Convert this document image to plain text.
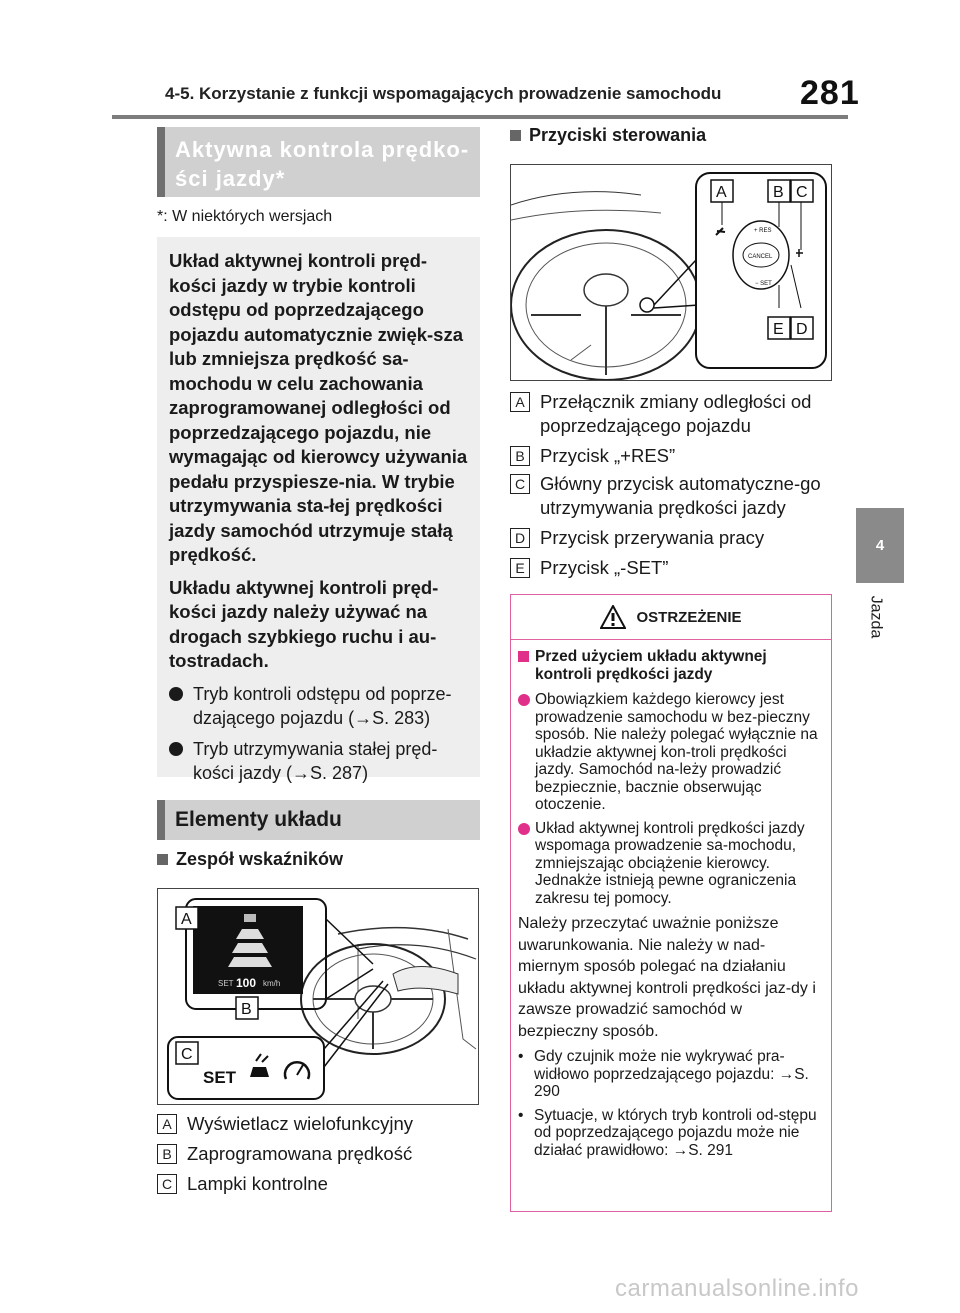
4-5. Korzystanie z funkcji wspomagających prowadzenie samochodu 281
4
Jazda
Aktywna kontrola prędko-
ści jazdy*
*: W niektórych wersjach

Układ aktywnej kontroli pręd-kości jazdy w trybie kontroli odstępu od poprzedzającego pojazdu automatycznie zwięk-sza lub zmniejsza prędkość sa-mochodu w celu zachowania zaprogramowanej odległości od poprzedzającego pojazdu, nie wymagając od kierowcy używania pedału przyspiesze-nia. W trybie utrzymywania sta-łej prędkości jazdy samochód utrzymuje stałą prędkość.

Układu aktywnej kontroli pręd-kości jazdy należy używać na drogach szybkiego ruchu i au-tostradach.

Tryb kontroli odstępu od poprze-dzającego pojazdu (→S. 283)
Tryb utrzymywania stałej pręd-kości jazdy (→S. 287)
Elementy układu
Zespół wskaźników
SET 100 km/h
SET
A
B
C
A Wyświetlacz wielofunkcyjny
B Zaprogramowana prędkość
C Lampki kontrolne
Przyciski sterowania
CANCEL
+ RES
− SET
A	B C
E D
A Przełącznik zmiany odległości od poprzedzającego pojazdu
B Przycisk „+RES”
C Główny przycisk automatyczne-go utrzymywania prędkości jazdy
D Przycisk przerywania pracy
E Przycisk „-SET”
OSTRZEŻENIE
Przed użyciem układu aktywnej kontroli prędkości jazdy
Obowiązkiem każdego kierowcy jest prowadzenie samochodu w bez-pieczny sposób. Nie należy polegać wyłącznie na układzie aktywnej kon-troli prędkości jazdy. Samochód na-leży prowadzić bezpiecznie, bacznie obserwując otoczenie.
Układ aktywnej kontroli prędkości jazdy wspomaga prowadzenie sa-mochodu, zmniejszając obciążenie kierowcy. Jednakże istnieją pewne ograniczenia zakresu tej pomocy.
Należy przeczytać uważnie poniższe uwarunkowania. Nie należy w nad-miernym sposób polegać na działaniu układu aktywnej kontroli prędkości jaz-dy i zawsze prowadzić samochód w bezpieczny sposób.
• Gdy czujnik może nie wykrywać pra-widłowo poprzedzającego pojazdu: →S. 290
• Sytuacje, w których tryb kontroli od-stępu od poprzedzającego pojazdu może nie działać prawidłowo: →S. 291
carmanualsonline.info
